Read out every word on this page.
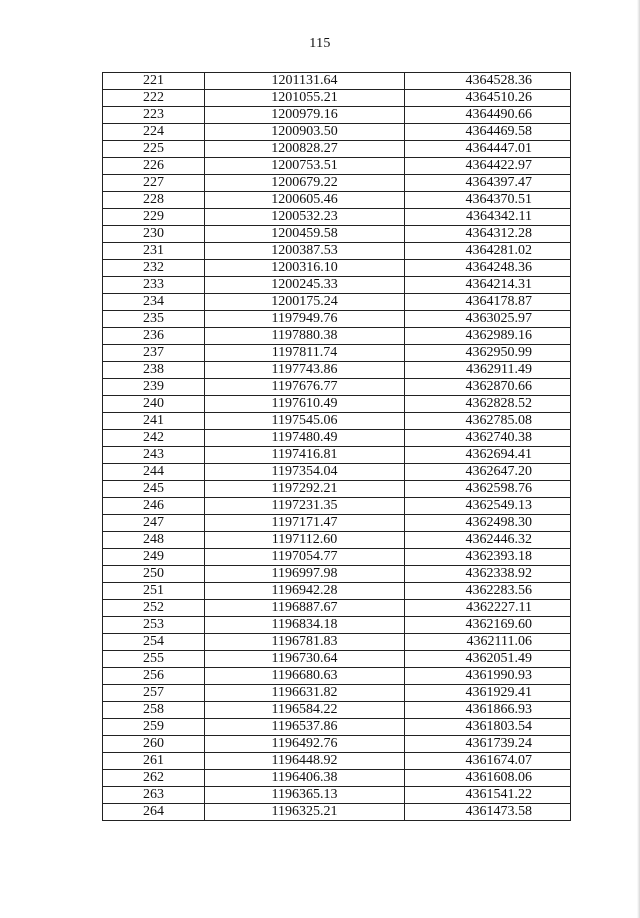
115
221	1201131.64	4364528.36
222	1201055.21	4364510.26
223	1200979.16	4364490.66
224	1200903.50	4364469.58
225	1200828.27	4364447.01
226	1200753.51	4364422.97
227	1200679.22	4364397.47
228	1200605.46	4364370.51
229	1200532.23	4364342.11
230	1200459.58	4364312.28
231	1200387.53	4364281.02
232	1200316.10	4364248.36
233	1200245.33	4364214.31
234	1200175.24	4364178.87
235	1197949.76	4363025.97
236	1197880.38	4362989.16
237	1197811.74	4362950.99
238	1197743.86	4362911.49
239	1197676.77	4362870.66
240	1197610.49	4362828.52
241	1197545.06	4362785.08
242	1197480.49	4362740.38
243	1197416.81	4362694.41
244	1197354.04	4362647.20
245	1197292.21	4362598.76
246	1197231.35	4362549.13
247	1197171.47	4362498.30
248	1197112.60	4362446.32
249	1197054.77	4362393.18
250	1196997.98	4362338.92
251	1196942.28	4362283.56
252	1196887.67	4362227.11
253	1196834.18	4362169.60
254	1196781.83	4362111.06
255	1196730.64	4362051.49
256	1196680.63	4361990.93
257	1196631.82	4361929.41
258	1196584.22	4361866.93
259	1196537.86	4361803.54
260	1196492.76	4361739.24
261	1196448.92	4361674.07
262	1196406.38	4361608.06
263	1196365.13	4361541.22
264	1196325.21	4361473.58
